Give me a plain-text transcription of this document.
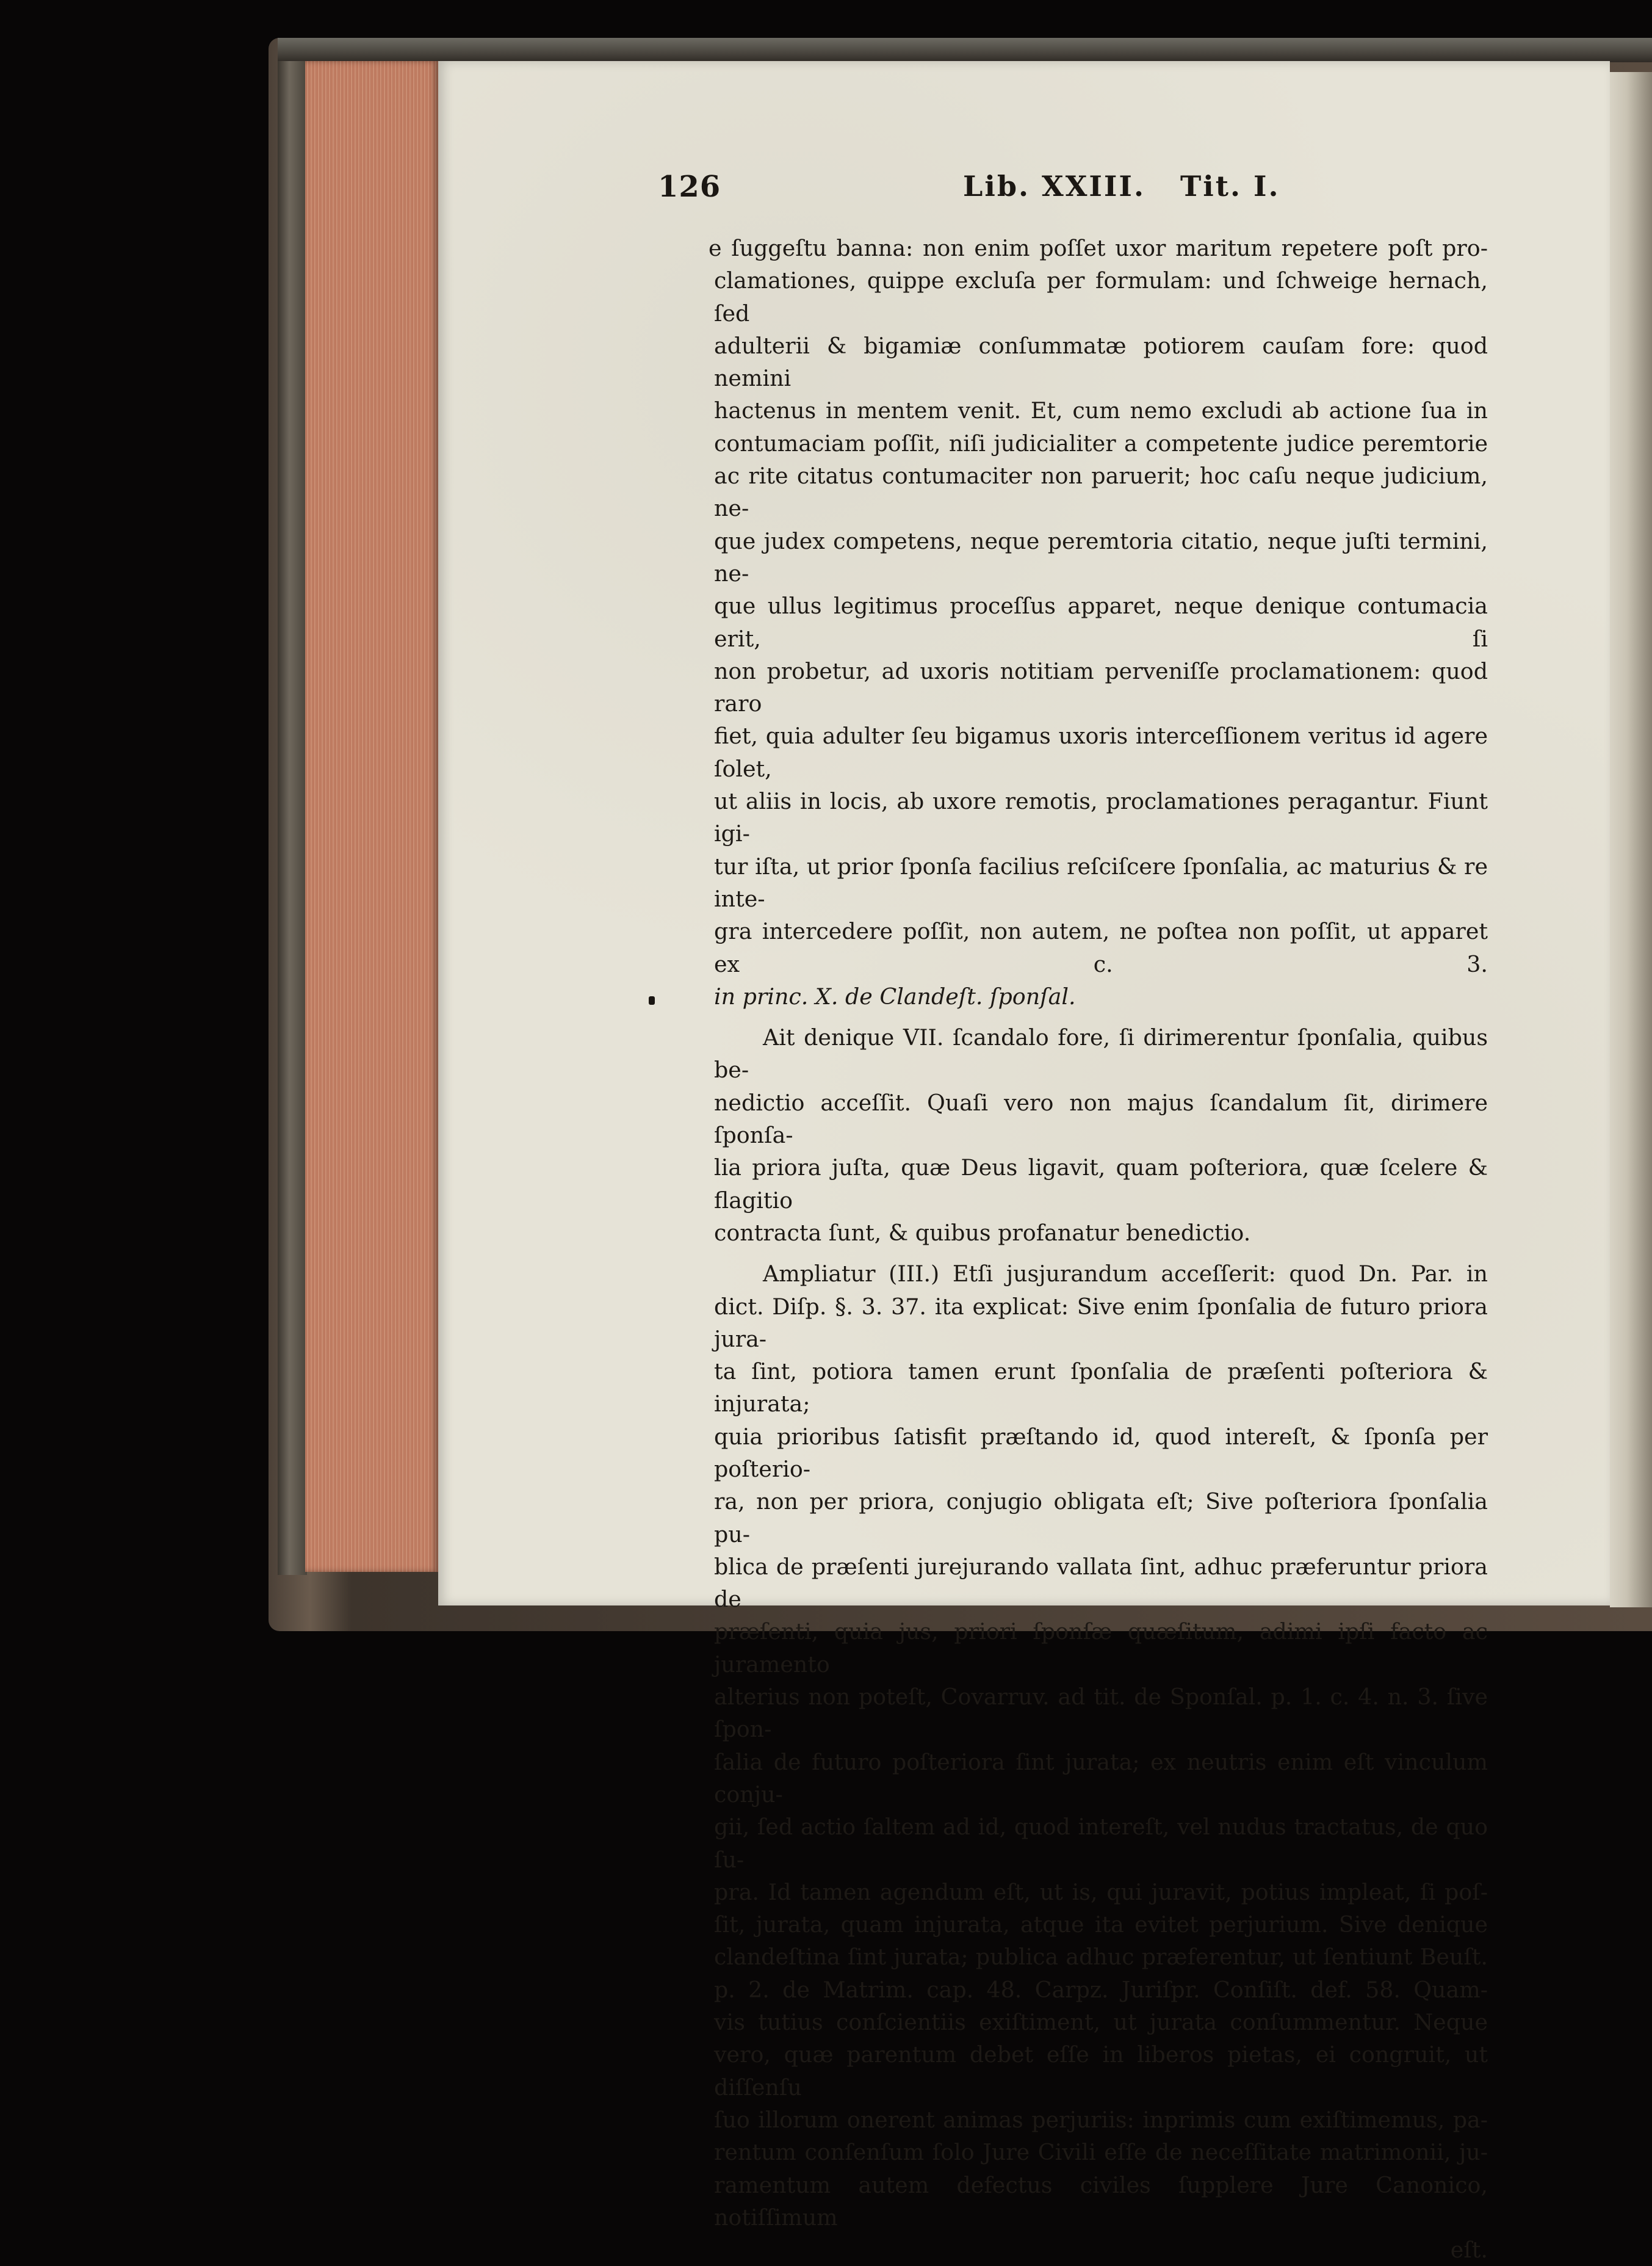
126	Lib. XXIII.   Tit. I.
e ſuggeſtu banna: non enim poſſet uxor maritum repetere poſt pro-
clamationes, quippe excluſa per formulam: und ſchweige hernach, ſed
adulterii & bigamiæ conſummatæ potiorem cauſam fore: quod nemini
hactenus in mentem venit. Et, cum nemo excludi ab actione ſua in
contumaciam poſſit, niſi judicialiter a competente judice peremtorie
ac rite citatus contumaciter non paruerit; hoc caſu neque judicium, ne-
que judex competens, neque peremtoria citatio, neque juſti termini, ne-
que ullus legitimus proceſſus apparet, neque denique contumacia erit, ſi
non probetur, ad uxoris notitiam perveniſſe proclamationem: quod raro
fiet, quia adulter ſeu bigamus uxoris interceſſionem veritus id agere ſolet,
ut aliis in locis, ab uxore remotis, proclamationes peragantur. Fiunt igi-
tur iſta, ut prior ſponſa facilius reſciſcere ſponſalia, ac maturius & re inte-
gra intercedere poſſit, non autem, ne poſtea non poſſit, ut apparet ex c. 3.
in princ. X. de Clandeſt. ſponſal.
Ait denique VII. ſcandalo fore, ſi dirimerentur ſponſalia, quibus be-
nedictio acceſſit. Quaſi vero non majus ſcandalum ſit, dirimere ſponſa-
lia priora juſta, quæ Deus ligavit, quam poſteriora, quæ ſcelere & flagitio
contracta ſunt, & quibus profanatur benedictio.
Ampliatur (III.) Etſi jusjurandum acceſſerit: quod Dn. Par. in
dict. Diſp. §. 3. 37. ita explicat: Sive enim ſponſalia de futuro priora jura-
ta ſint, potiora tamen erunt ſponſalia de præſenti poſteriora & injurata;
quia prioribus ſatisfit præſtando id, quod intereſt, & ſponſa per poſterio-
ra, non per priora, conjugio obligata eſt; Sive poſteriora ſponſalia pu-
blica de præſenti jurejurando vallata ſint, adhuc præferuntur priora de
præſenti, quia jus, priori ſponſæ quæſitum, adimi ipſi facto ac juramento
alterius non poteſt, Covarruv. ad tit. de Sponſal. p. 1. c. 4. n. 3. ſive ſpon-
ſalia de futuro poſteriora ſint jurata; ex neutris enim eſt vinculum conju-
gii, ſed actio ſaltem ad id, quod intereſt, vel nudus tractatus, de quo ſu-
pra. Id tamen agendum eſt, ut is, qui juravit, potius impleat, ſi poſ-
ſit, jurata, quam injurata, atque ita evitet perjurium. Sive denique
clandeſtina ſint jurata; publica adhuc præferentur, ut ſentiunt Beuſt.
p. 2. de Matrim. cap. 48. Carpz. Juriſpr. Conſiſt. def. 58. Quam-
vis tutius conſcientiis exiſtiment, ut jurata conſummentur. Neque
vero, quæ parentum debet eſſe in liberos pietas, ei congruit, ut diſſenſu
ſuo illorum onerent animas perjuriis: inprimis cum exiſtimemus, pa-
rentum conſenſum ſolo Jure Civili eſſe de neceſſitate matrimonii, ju-
ramentum autem defectus civiles ſupplere Jure Canonico, notiſſimum
eſt.
